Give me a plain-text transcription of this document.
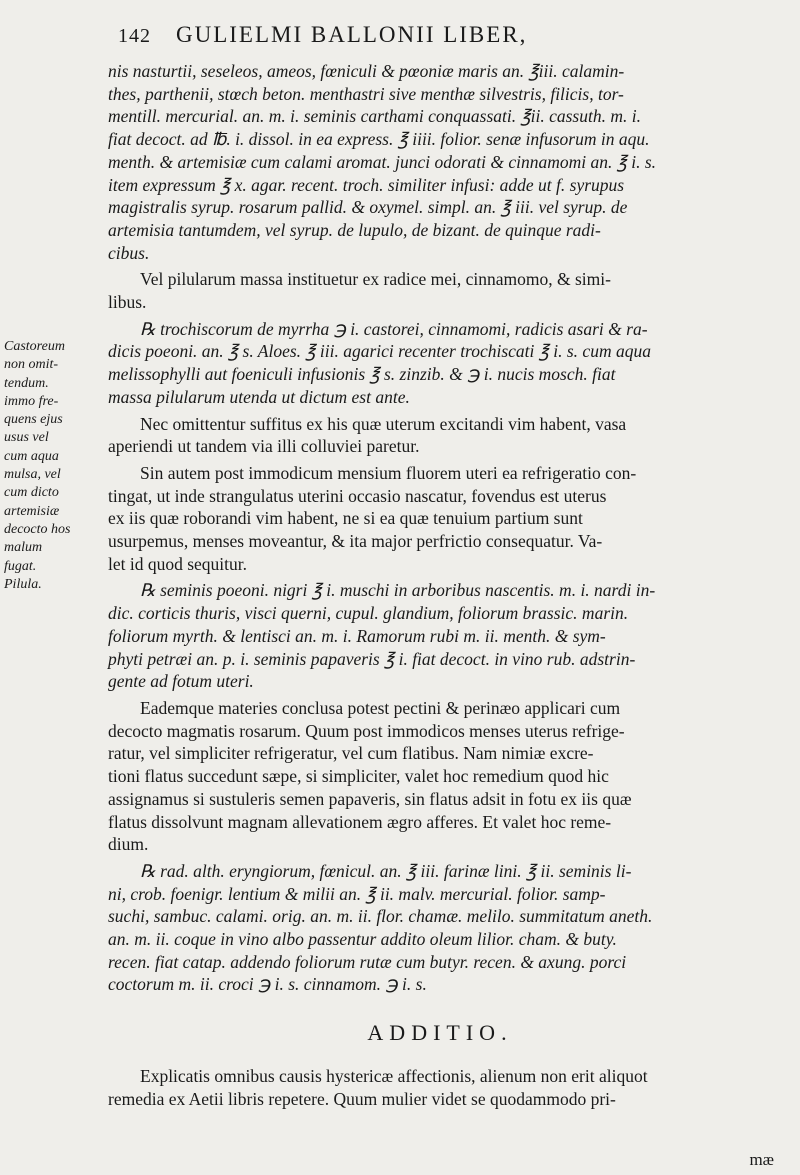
142 GULIELMI BALLONII LIBER,
Castoreum
non omit-
tendum.
immo fre-
quens ejus
usus vel
cum aqua
mulsa, vel
cum dicto
artemisiæ
decocto hos
malum
fugat.
Pilula.
nis nasturtii, seseleos, ameos, fœniculi & pœoniæ maris an. ℥iii. calamin-
thes, parthenii, stœch beton. menthastri sive menthæ silvestris, filicis, tor-
mentill. mercurial. an. m. i. seminis carthami conquassati. ℥ii. cassuth. m. i.
fiat decoct. ad ℔. i. dissol. in ea express. ℥ iiii. folior. senæ infusorum in aqu.
menth. & artemisiæ cum calami aromat. junci odorati & cinnamomi an. ℥ i. s.
item expressum ℥ x. agar. recent. troch. similiter infusi: adde ut f. syrupus
magistralis syrup. rosarum pallid. & oxymel. simpl. an. ℥ iii. vel syrup. de
artemisia tantumdem, vel syrup. de lupulo, de bizant. de quinque radi-
cibus.
Vel pilularum massa instituetur ex radice mei, cinnamomo, & simi-
libus.
℞ trochiscorum de myrrha ℈ i. castorei, cinnamomi, radicis asari & ra-
dicis poeoni. an. ℥ s. Aloes. ℥ iii. agarici recenter trochiscati ℥ i. s. cum aqua
melissophylli aut foeniculi infusionis ℥ s. zinzib. & ℈ i. nucis mosch. fiat
massa pilularum utenda ut dictum est ante.
Nec omittentur suffitus ex his quæ uterum excitandi vim habent, vasa
aperiendi ut tandem via illi colluviei paretur.
Sin autem post immodicum mensium fluorem uteri ea refrigeratio con-
tingat, ut inde strangulatus uterini occasio nascatur, fovendus est uterus
ex iis quæ roborandi vim habent, ne si ea quæ tenuium partium sunt
usurpemus, menses moveantur, & ita major perfrictio consequatur. Va-
let id quod sequitur.
℞ seminis poeoni. nigri ℥ i. muschi in arboribus nascentis. m. i. nardi in-
dic. corticis thuris, visci querni, cupul. glandium, foliorum brassic. marin.
foliorum myrth. & lentisci an. m. i. Ramorum rubi m. ii. menth. & sym-
phyti petræi an. p. i. seminis papaveris ℥ i. fiat decoct. in vino rub. adstrin-
gente ad fotum uteri.
Eademque materies conclusa potest pectini & perinæo applicari cum
decocto magmatis rosarum. Quum post immodicos menses uterus refrige-
ratur, vel simpliciter refrigeratur, vel cum flatibus. Nam nimiæ excre-
tioni flatus succedunt sæpe, si simpliciter, valet hoc remedium quod hic
assignamus si sustuleris semen papaveris, sin flatus adsit in fotu ex iis quæ
flatus dissolvunt magnam allevationem ægro afferes. Et valet hoc reme-
dium.
℞ rad. alth. eryngiorum, fœnicul. an. ℥ iii. farinæ lini. ℥ ii. seminis li-
ni, crob. foenigr. lentium & milii an. ℥ ii. malv. mercurial. folior. samp-
suchi, sambuc. calami. orig. an. m. ii. flor. chamæ. melilo. summitatum aneth.
an. m. ii. coque in vino albo passentur addito oleum lilior. cham. & buty.
recen. fiat catap. addendo foliorum rutæ cum butyr. recen. & axung. porci
coctorum m. ii. croci ℈ i. s. cinnamom. ℈ i. s.
ADDITIO.
Explicatis omnibus causis hystericæ affectionis, alienum non erit aliquot
remedia ex Aetii libris repetere. Quum mulier videt se quodammodo pri-
mæ
